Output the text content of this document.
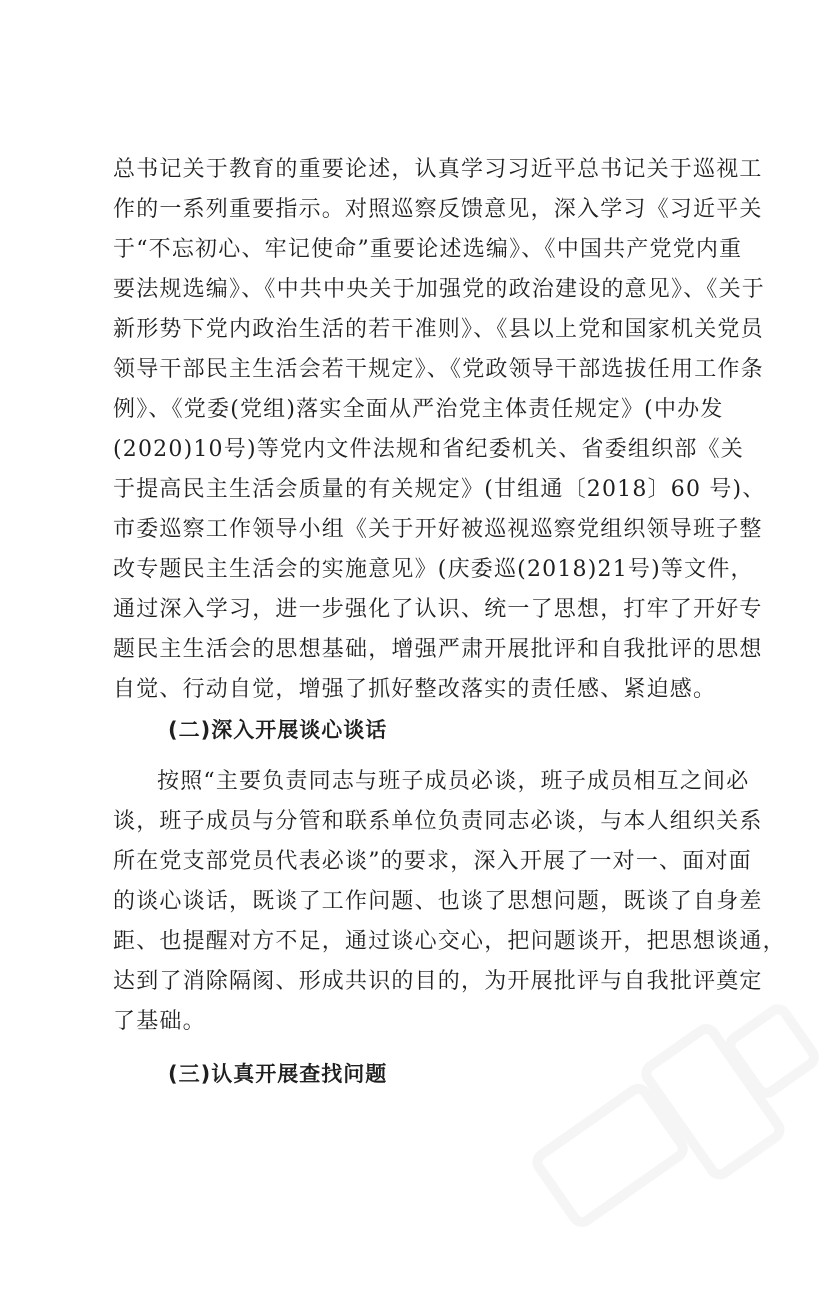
总书记关于教育的重要论述，认真学习习近平总书记关于巡视工
作的一系列重要指示。对照巡察反馈意见，深入学习《习近平关
于“不忘初心、牢记使命”重要论述选编》、《中国共产党党内重
要法规选编》、《中共中央关于加强党的政治建设的意见》、《关于
新形势下党内政治生活的若干准则》、《县以上党和国家机关党员
领导干部民主生活会若干规定》、《党政领导干部选拔任用工作条
例》、《党委(党组)落实全面从严治党主体责任规定》(中办发
(2020)10号)等党内文件法规和省纪委机关、省委组织部《关
于提高民主生活会质量的有关规定》(甘组通〔2018〕60 号)、
市委巡察工作领导小组《关于开好被巡视巡察党组织领导班子整
改专题民主生活会的实施意见》(庆委巡(2018)21号)等文件，
通过深入学习，进一步强化了认识、统一了思想，打牢了开好专
题民主生活会的思想基础，增强严肃开展批评和自我批评的思想
自觉、行动自觉，增强了抓好整改落实的责任感、紧迫感。
(二)深入开展谈心谈话
按照“主要负责同志与班子成员必谈，班子成员相互之间必
谈，班子成员与分管和联系单位负责同志必谈，与本人组织关系
所在党支部党员代表必谈”的要求，深入开展了一对一、面对面
的谈心谈话，既谈了工作问题、也谈了思想问题，既谈了自身差
距、也提醒对方不足，通过谈心交心，把问题谈开，把思想谈通，
达到了消除隔阂、形成共识的目的，为开展批评与自我批评奠定
了基础。
(三)认真开展查找问题
